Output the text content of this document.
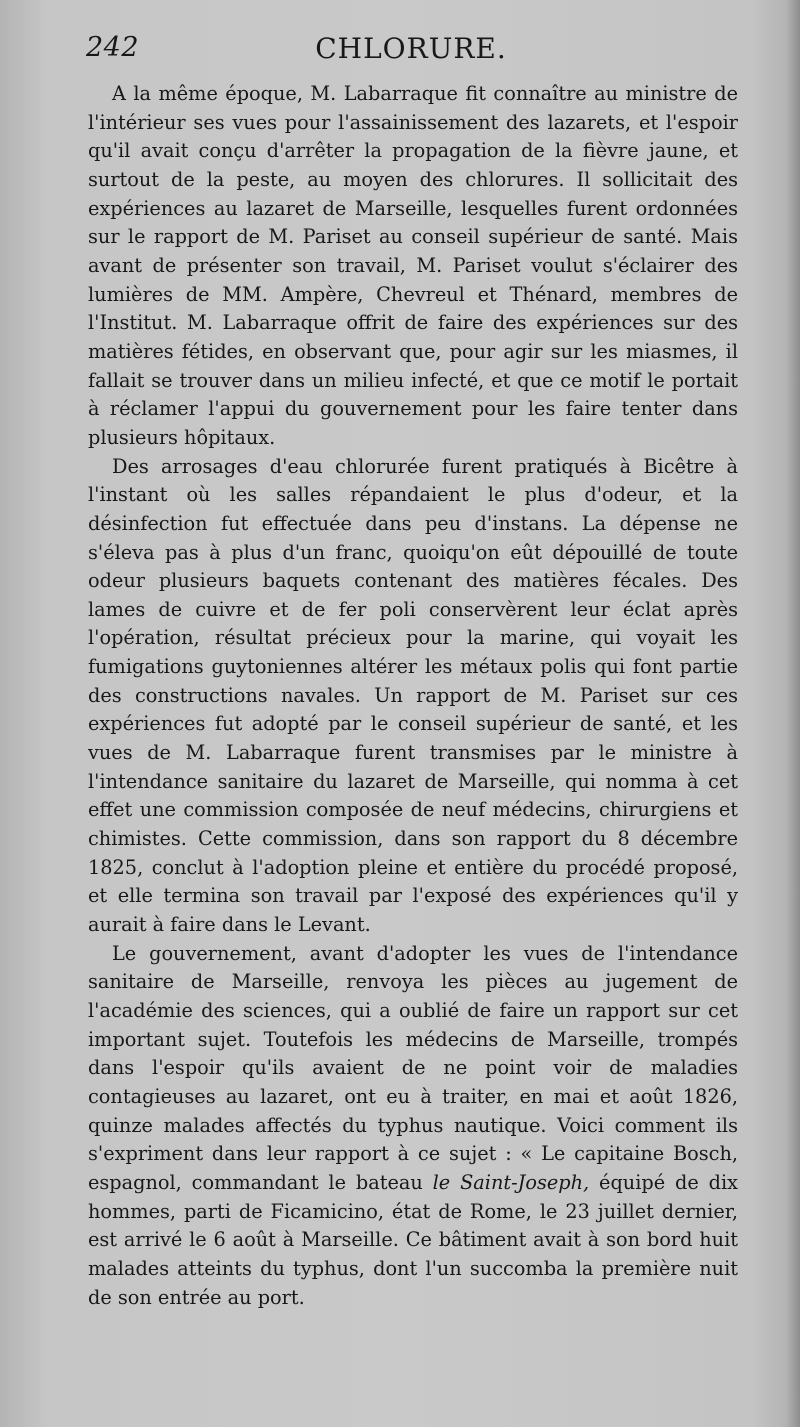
242	CHLORURE.

A la même époque, M. Labarraque fit connaître au ministre de l'intérieur ses vues pour l'assainissement des lazarets, et l'espoir qu'il avait conçu d'arrêter la propagation de la fièvre jaune, et surtout de la peste, au moyen des chlorures. Il sollicitait des expériences au lazaret de Marseille, lesquelles furent ordonnées sur le rapport de M. Pariset au conseil supérieur de santé. Mais avant de présenter son travail, M. Pariset voulut s'éclairer des lumières de MM. Ampère, Chevreul et Thénard, membres de l'Institut. M. Labarraque offrit de faire des expériences sur des matières fétides, en observant que, pour agir sur les miasmes, il fallait se trouver dans un milieu infecté, et que ce motif le portait à réclamer l'appui du gouvernement pour les faire tenter dans plusieurs hôpitaux.

Des arrosages d'eau chlorurée furent pratiqués à Bicêtre à l'instant où les salles répandaient le plus d'odeur, et la désinfection fut effectuée dans peu d'instans. La dépense ne s'éleva pas à plus d'un franc, quoiqu'on eût dépouillé de toute odeur plusieurs baquets contenant des matières fécales. Des lames de cuivre et de fer poli conservèrent leur éclat après l'opération, résultat précieux pour la marine, qui voyait les fumigations guytoniennes altérer les métaux polis qui font partie des constructions navales. Un rapport de M. Pariset sur ces expériences fut adopté par le conseil supérieur de santé, et les vues de M. Labarraque furent transmises par le ministre à l'intendance sanitaire du lazaret de Marseille, qui nomma à cet effet une commission composée de neuf médecins, chirurgiens et chimistes. Cette commission, dans son rapport du 8 décembre 1825, conclut à l'adoption pleine et entière du procédé proposé, et elle termina son travail par l'exposé des expériences qu'il y aurait à faire dans le Levant.

Le gouvernement, avant d'adopter les vues de l'intendance sanitaire de Marseille, renvoya les pièces au jugement de l'académie des sciences, qui a oublié de faire un rapport sur cet important sujet. Toutefois les médecins de Marseille, trompés dans l'espoir qu'ils avaient de ne point voir de maladies contagieuses au lazaret, ont eu à traiter, en mai et août 1826, quinze malades affectés du typhus nautique. Voici comment ils s'expriment dans leur rapport à ce sujet : « Le capitaine Bosch, espagnol, commandant le bateau le Saint-Joseph, équipé de dix hommes, parti de Ficamicino, état de Rome, le 23 juillet dernier, est arrivé le 6 août à Marseille. Ce bâtiment avait à son bord huit malades atteints du typhus, dont l'un succomba la première nuit de son entrée au port.
